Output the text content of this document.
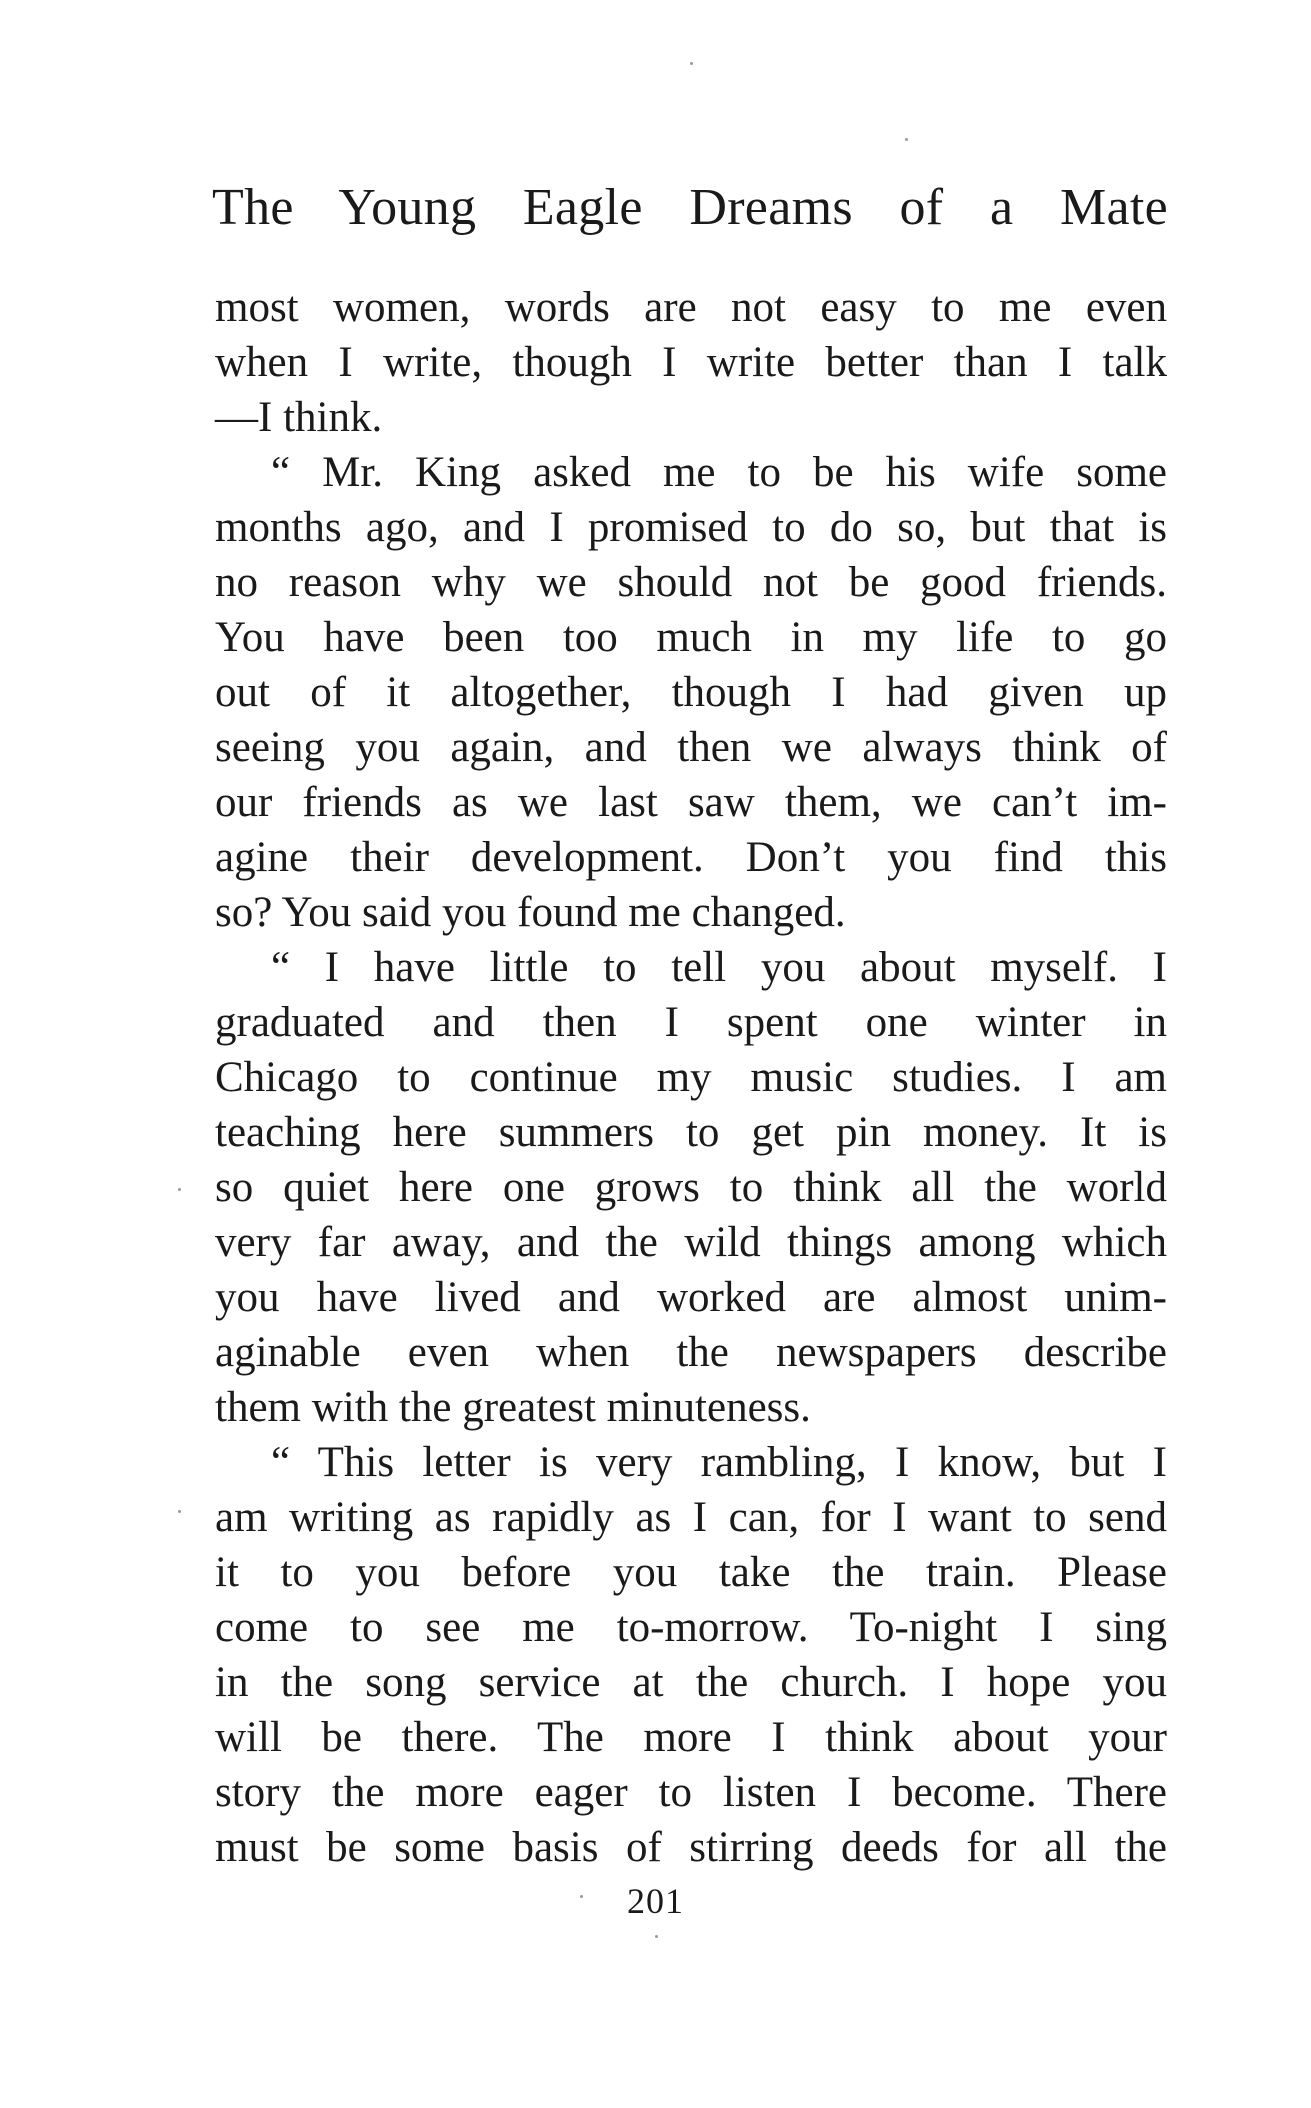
The Young Eagle Dreams of a Mate
most women, words are not easy to me even
when I write, though I write better than I talk
—I think.
“ Mr. King asked me to be his wife some
months ago, and I promised to do so, but that is
no reason why we should not be good friends.
You have been too much in my life to go
out of it altogether, though I had given up
seeing you again, and then we always think of
our friends as we last saw them, we can’t im-
agine their development. Don’t you find this
so? You said you found me changed.
“ I have little to tell you about myself. I
graduated and then I spent one winter in
Chicago to continue my music studies. I am
teaching here summers to get pin money. It is
so quiet here one grows to think all the world
very far away, and the wild things among which
you have lived and worked are almost unim-
aginable even when the newspapers describe
them with the greatest minuteness.
“ This letter is very rambling, I know, but I
am writing as rapidly as I can, for I want to send
it to you before you take the train. Please
come to see me to-morrow. To-night I sing
in the song service at the church. I hope you
will be there. The more I think about your
story the more eager to listen I become. There
must be some basis of stirring deeds for all the
201
